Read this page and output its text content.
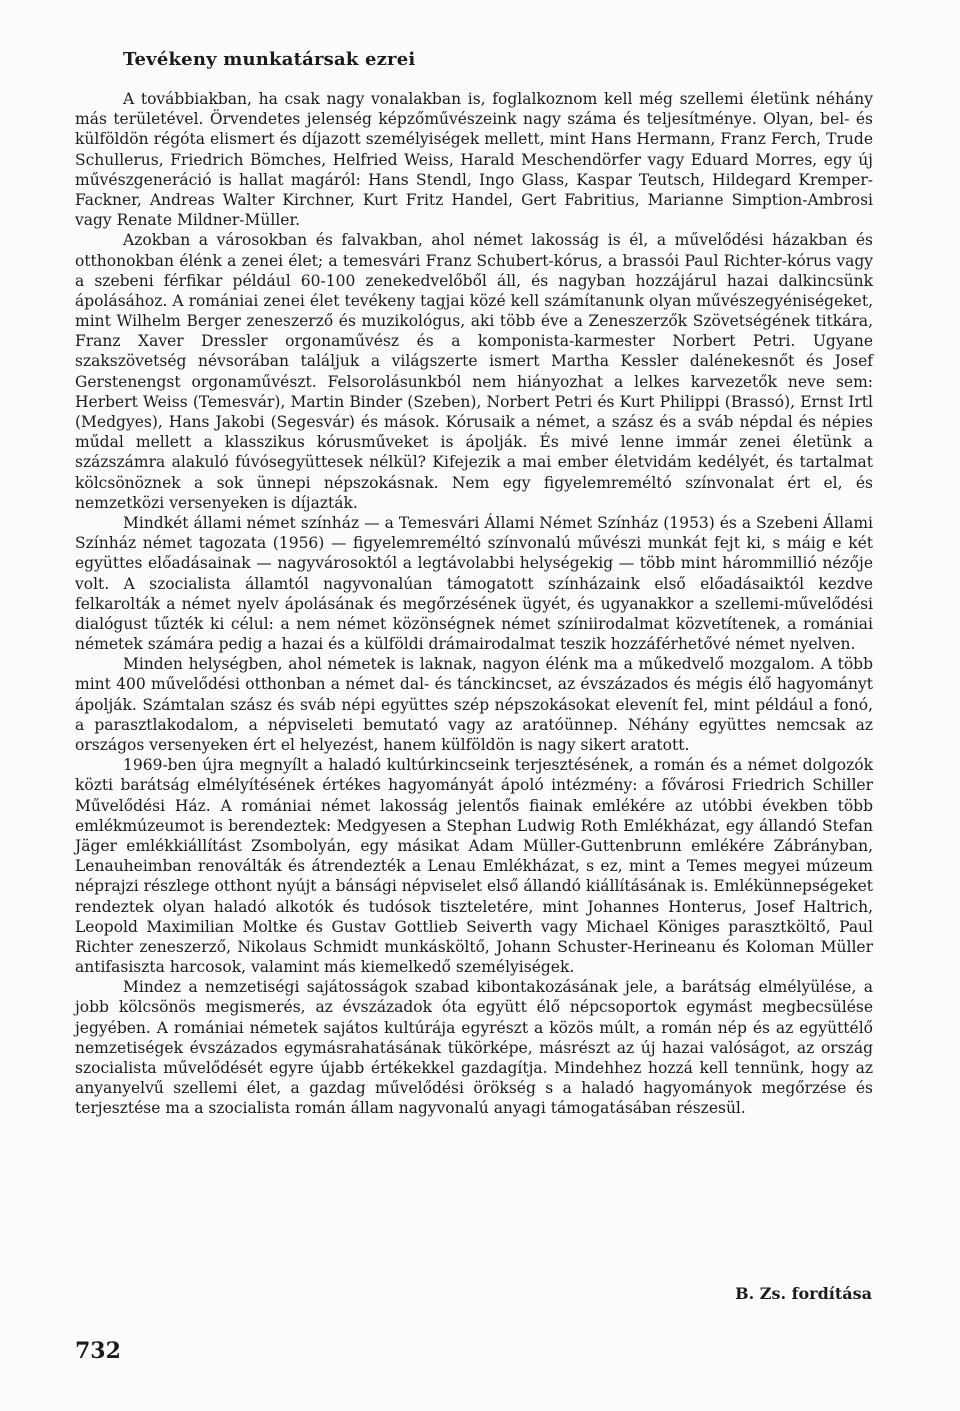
Tevékeny munkatársak ezrei

A továbbiakban, ha csak nagy vonalakban is, foglalkoznom kell még szellemi életünk néhány más területével. Örvendetes jelenség képzőművészeink nagy száma és teljesítménye. Olyan, bel- és külföldön régóta elismert és díjazott személyiségek mellett, mint Hans Hermann, Franz Ferch, Trude Schullerus, Friedrich Bömches, Helfried Weiss, Harald Meschendörfer vagy Eduard Morres, egy új művészgeneráció is hallat magáról: Hans Stendl, Ingo Glass, Kaspar Teutsch, Hildegard Kremper-Fackner, Andreas Walter Kirchner, Kurt Fritz Handel, Gert Fabritius, Marianne Simption-Ambrosi vagy Renate Mildner-Müller.

Azokban a városokban és falvakban, ahol német lakosság is él, a művelődési házakban és otthonokban élénk a zenei élet; a temesvári Franz Schubert-kórus, a brassói Paul Richter-kórus vagy a szebeni férfikar például 60-100 zenekedvelőből áll, és nagyban hozzájárul hazai dalkincsünk ápolásához. A romániai zenei élet tevékeny tagjai közé kell számítanunk olyan művészegyéniségeket, mint Wilhelm Berger zeneszerző és muzikológus, aki több éve a Zeneszerzők Szövetségének titkára, Franz Xaver Dressler orgonaművész és a komponista-karmester Norbert Petri. Ugyane szakszövetség névsorában találjuk a világszerte ismert Martha Kessler dalénekesnőt és Josef Gerstenengst orgonaművészt. Felsorolásunkból nem hiányozhat a lelkes karvezetők neve sem: Herbert Weiss (Temesvár), Martin Binder (Szeben), Norbert Petri és Kurt Philippi (Brassó), Ernst Irtl (Medgyes), Hans Jakobi (Segesvár) és mások. Kórusaik a német, a szász és a sváb népdal és népies műdal mellett a klasszikus kórusműveket is ápolják. És mivé lenne immár zenei életünk a százszámra alakuló fúvósegyüttesek nélkül? Kifejezik a mai ember életvidám kedélyét, és tartalmat kölcsönöznek a sok ünnepi népszokásnak. Nem egy figyelemreméltó színvonalat ért el, és nemzetközi versenyeken is díjazták.

Mindkét állami német színház — a Temesvári Állami Német Színház (1953) és a Szebeni Állami Színház német tagozata (1956) — figyelemreméltó színvonalú művészi munkát fejt ki, s máig e két együttes előadásainak — nagyvárosoktól a legtávolabbi helységekig — több mint hárommillió nézője volt. A szocialista államtól nagyvonalúan támogatott színházaink első előadásaiktól kezdve felkarolták a német nyelv ápolásának és megőrzésének ügyét, és ugyanakkor a szellemi-művelődési dialógust tűzték ki célul: a nem német közönségnek német színiirodalmat közvetítenek, a romániai németek számára pedig a hazai és a külföldi drámairodalmat teszik hozzáférhetővé német nyelven.

Minden helységben, ahol németek is laknak, nagyon élénk ma a műkedvelő mozgalom. A több mint 400 művelődési otthonban a német dal- és tánckincset, az évszázados és mégis élő hagyományt ápolják. Számtalan szász és sváb népi együttes szép népszokásokat elevenít fel, mint például a fonó, a parasztlakodalom, a népviseleti bemutató vagy az aratóünnep. Néhány együttes nemcsak az országos versenyeken ért el helyezést, hanem külföldön is nagy sikert aratott.

1969-ben újra megnyílt a haladó kultúrkincseink terjesztésének, a román és a német dolgozók közti barátság elmélyítésének értékes hagyományát ápoló intézmény: a fővárosi Friedrich Schiller Művelődési Ház. A romániai német lakosság jelentős fiainak emlékére az utóbbi években több emlékmúzeumot is berendeztek: Medgyesen a Stephan Ludwig Roth Emlékházat, egy állandó Stefan Jäger emlékkiállítást Zsombolyán, egy másikat Adam Müller-Guttenbrunn emlékére Zábrányban, Lenauheimban renoválták és átrendezték a Lenau Emlékházat, s ez, mint a Temes megyei múzeum néprajzi részlege otthont nyújt a bánsági népviselet első állandó kiállításának is. Emlékünnepségeket rendeztek olyan haladó alkotók és tudósok tiszteletére, mint Johannes Honterus, Josef Haltrich, Leopold Maximilian Moltke és Gustav Gottlieb Seiverth vagy Michael Königes parasztköltő, Paul Richter zeneszerző, Nikolaus Schmidt munkásköltő, Johann Schuster-Herineanu és Koloman Müller antifasiszta harcosok, valamint más kiemelkedő személyiségek.

Mindez a nemzetiségi sajátosságok szabad kibontakozásának jele, a barátság elmélyülése, a jobb kölcsönös megismerés, az évszázadok óta együtt élő népcsoportok egymást megbecsülése jegyében. A romániai németek sajátos kultúrája egyrészt a közös múlt, a román nép és az együttélő nemzetiségek évszázados egymásrahatásának tükörképe, másrészt az új hazai valóságot, az ország szocialista művelődését egyre újabb értékekkel gazdagítja. Mindehhez hozzá kell tennünk, hogy az anyanyelvű szellemi élet, a gazdag művelődési örökség s a haladó hagyományok megőrzése és terjesztése ma a szocialista román állam nagyvonalú anyagi támogatásában részesül.

B. Zs. fordítása

732
